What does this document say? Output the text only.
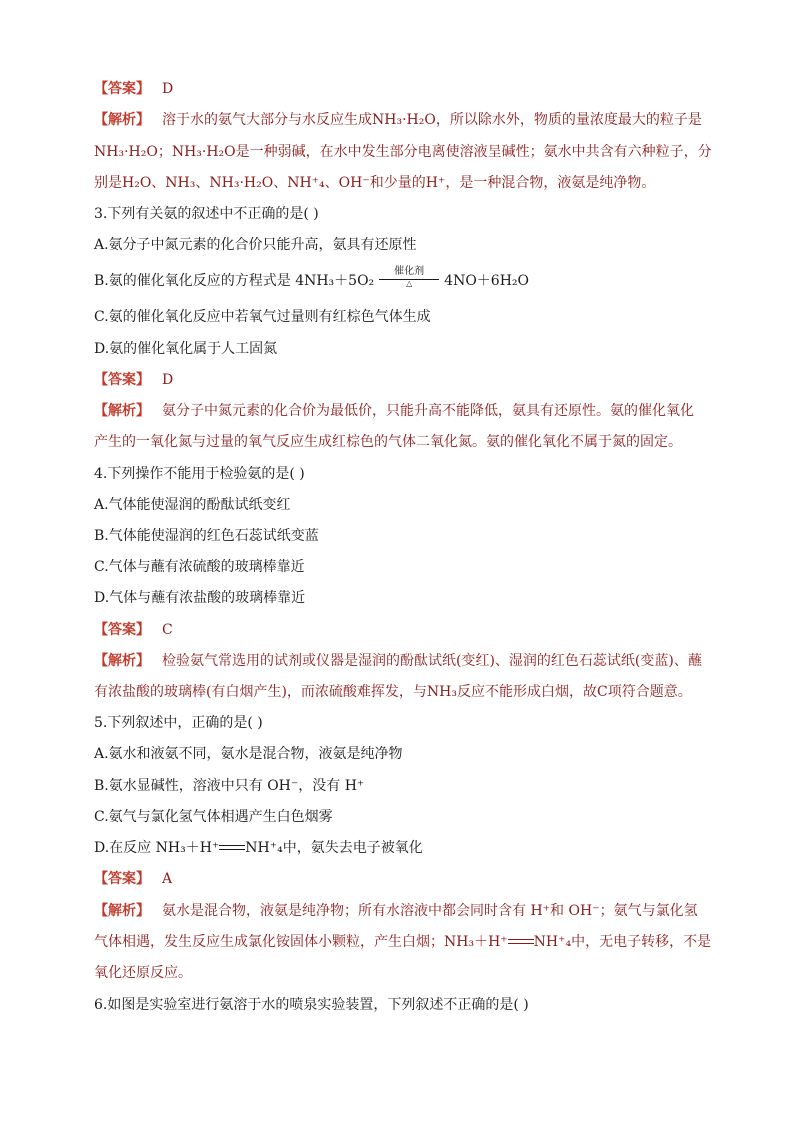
【答案】 D
【解析】 溶于水的氨气大部分与水反应生成NH₃·H₂O，所以除水外，物质的量浓度最大的粒子是
NH₃·H₂O；NH₃·H₂O是一种弱碱，在水中发生部分电离使溶液呈碱性；氨水中共含有六种粒子，分
别是H₂O、NH₃、NH₃·H₂O、NH⁺₄、OH⁻和少量的H⁺，是一种混合物，液氨是纯净物。
3.下列有关氨的叙述中不正确的是( )
A.氨分子中氮元素的化合价只能升高，氨具有还原性
B.氨的催化氧化反应的方程式是 4NH₃＋5O₂
催化剂
△	4NO＋6H₂O
C.氨的催化氧化反应中若氧气过量则有红棕色气体生成
D.氨的催化氧化属于人工固氮
【答案】 D
【解析】 氨分子中氮元素的化合价为最低价，只能升高不能降低，氨具有还原性。氨的催化氧化
产生的一氧化氮与过量的氧气反应生成红棕色的气体二氧化氮。氨的催化氧化不属于氮的固定。
4.下列操作不能用于检验氨的是( )
A.气体能使湿润的酚酞试纸变红
B.气体能使湿润的红色石蕊试纸变蓝
C.气体与蘸有浓硫酸的玻璃棒靠近
D.气体与蘸有浓盐酸的玻璃棒靠近
【答案】 C
【解析】 检验氨气常选用的试剂或仪器是湿润的酚酞试纸(变红)、湿润的红色石蕊试纸(变蓝)、蘸
有浓盐酸的玻璃棒(有白烟产生)，而浓硫酸难挥发，与NH₃反应不能形成白烟，故C项符合题意。
5.下列叙述中，正确的是( )
A.氨水和液氨不同，氨水是混合物，液氨是纯净物
B.氨水显碱性，溶液中只有 OH⁻，没有 H⁺
C.氨气与氯化氢气体相遇产生白色烟雾
D.在反应 NH₃＋H⁺ NH⁺₄中，氨失去电子被氧化
【答案】 A
【解析】 氨水是混合物，液氨是纯净物；所有水溶液中都会同时含有 H⁺和 OH⁻；氨气与氯化氢
气体相遇，发生反应生成氯化铵固体小颗粒，产生白烟；NH₃＋H⁺ NH⁺₄中，无电子转移，不是
氧化还原反应。
6.如图是实验室进行氨溶于水的喷泉实验装置，下列叙述不正确的是( )
